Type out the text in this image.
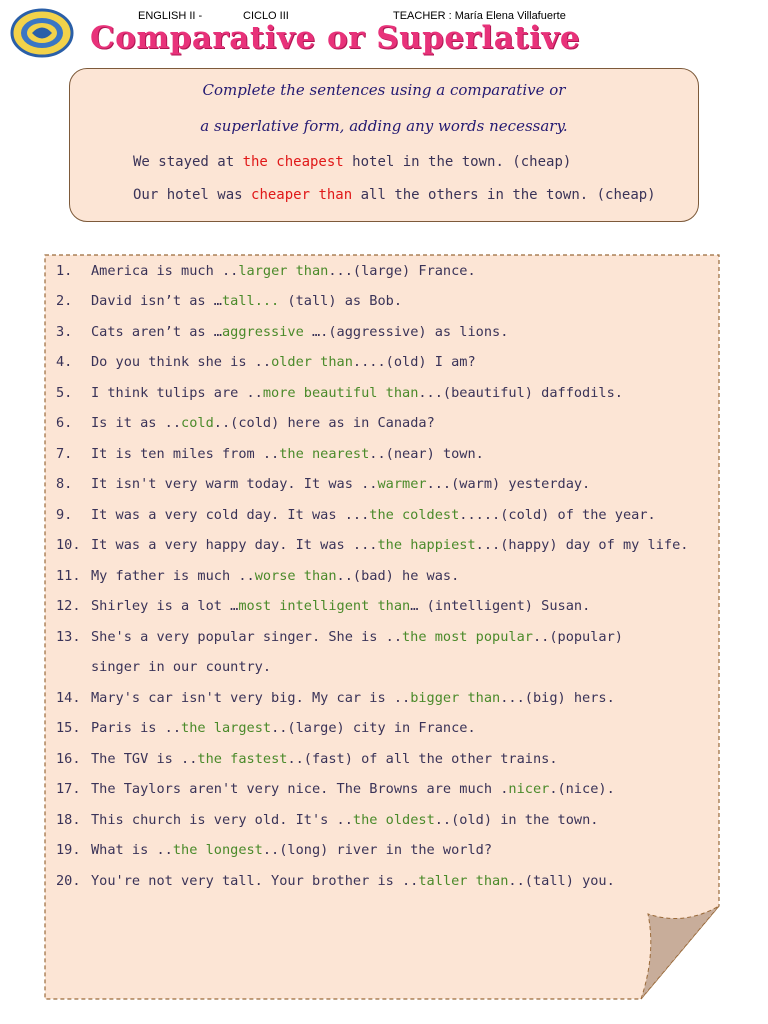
ENGLISH II -	CICLO III	TEACHER : María Elena Villafuerte
Comparative or Superlative
Complete the sentences using a comparative or
a superlative form, adding any words necessary.
We stayed at the cheapest hotel in the town. (cheap)
Our hotel was cheaper than all the others in the town. (cheap)
1. America is much ..larger than...(large) France.
2. David isn’t as …tall... (tall) as Bob.
3. Cats aren’t as …aggressive ….(aggressive) as lions.
4. Do you think she is ..older than....(old) I am?
5. I think tulips are ..more beautiful than...(beautiful) daffodils.
6. Is it as ..cold..(cold) here as in Canada?
7. It is ten miles from ..the nearest..(near) town.
8. It isn't very warm today. It was ..warmer...(warm) yesterday.
9. It was a very cold day. It was ...the coldest.....(cold) of the year.
10. It was a very happy day. It was ...the happiest...(happy) day of my life.
11. My father is much ..worse than..(bad) he was.
12. Shirley is a lot …most intelligent than… (intelligent) Susan.
13. She's a very popular singer. She is ..the most popular..(popular)
singer in our country.
14. Mary's car isn't very big. My car is ..bigger than...(big) hers.
15. Paris is ..the largest..(large) city in France.
16. The TGV is ..the fastest..(fast) of all the other trains.
17. The Taylors aren't very nice. The Browns are much .nicer.(nice).
18. This church is very old. It's ..the oldest..(old) in the town.
19. What is ..the longest..(long) river in the world?
20. You're not very tall. Your brother is ..taller than..(tall) you.
